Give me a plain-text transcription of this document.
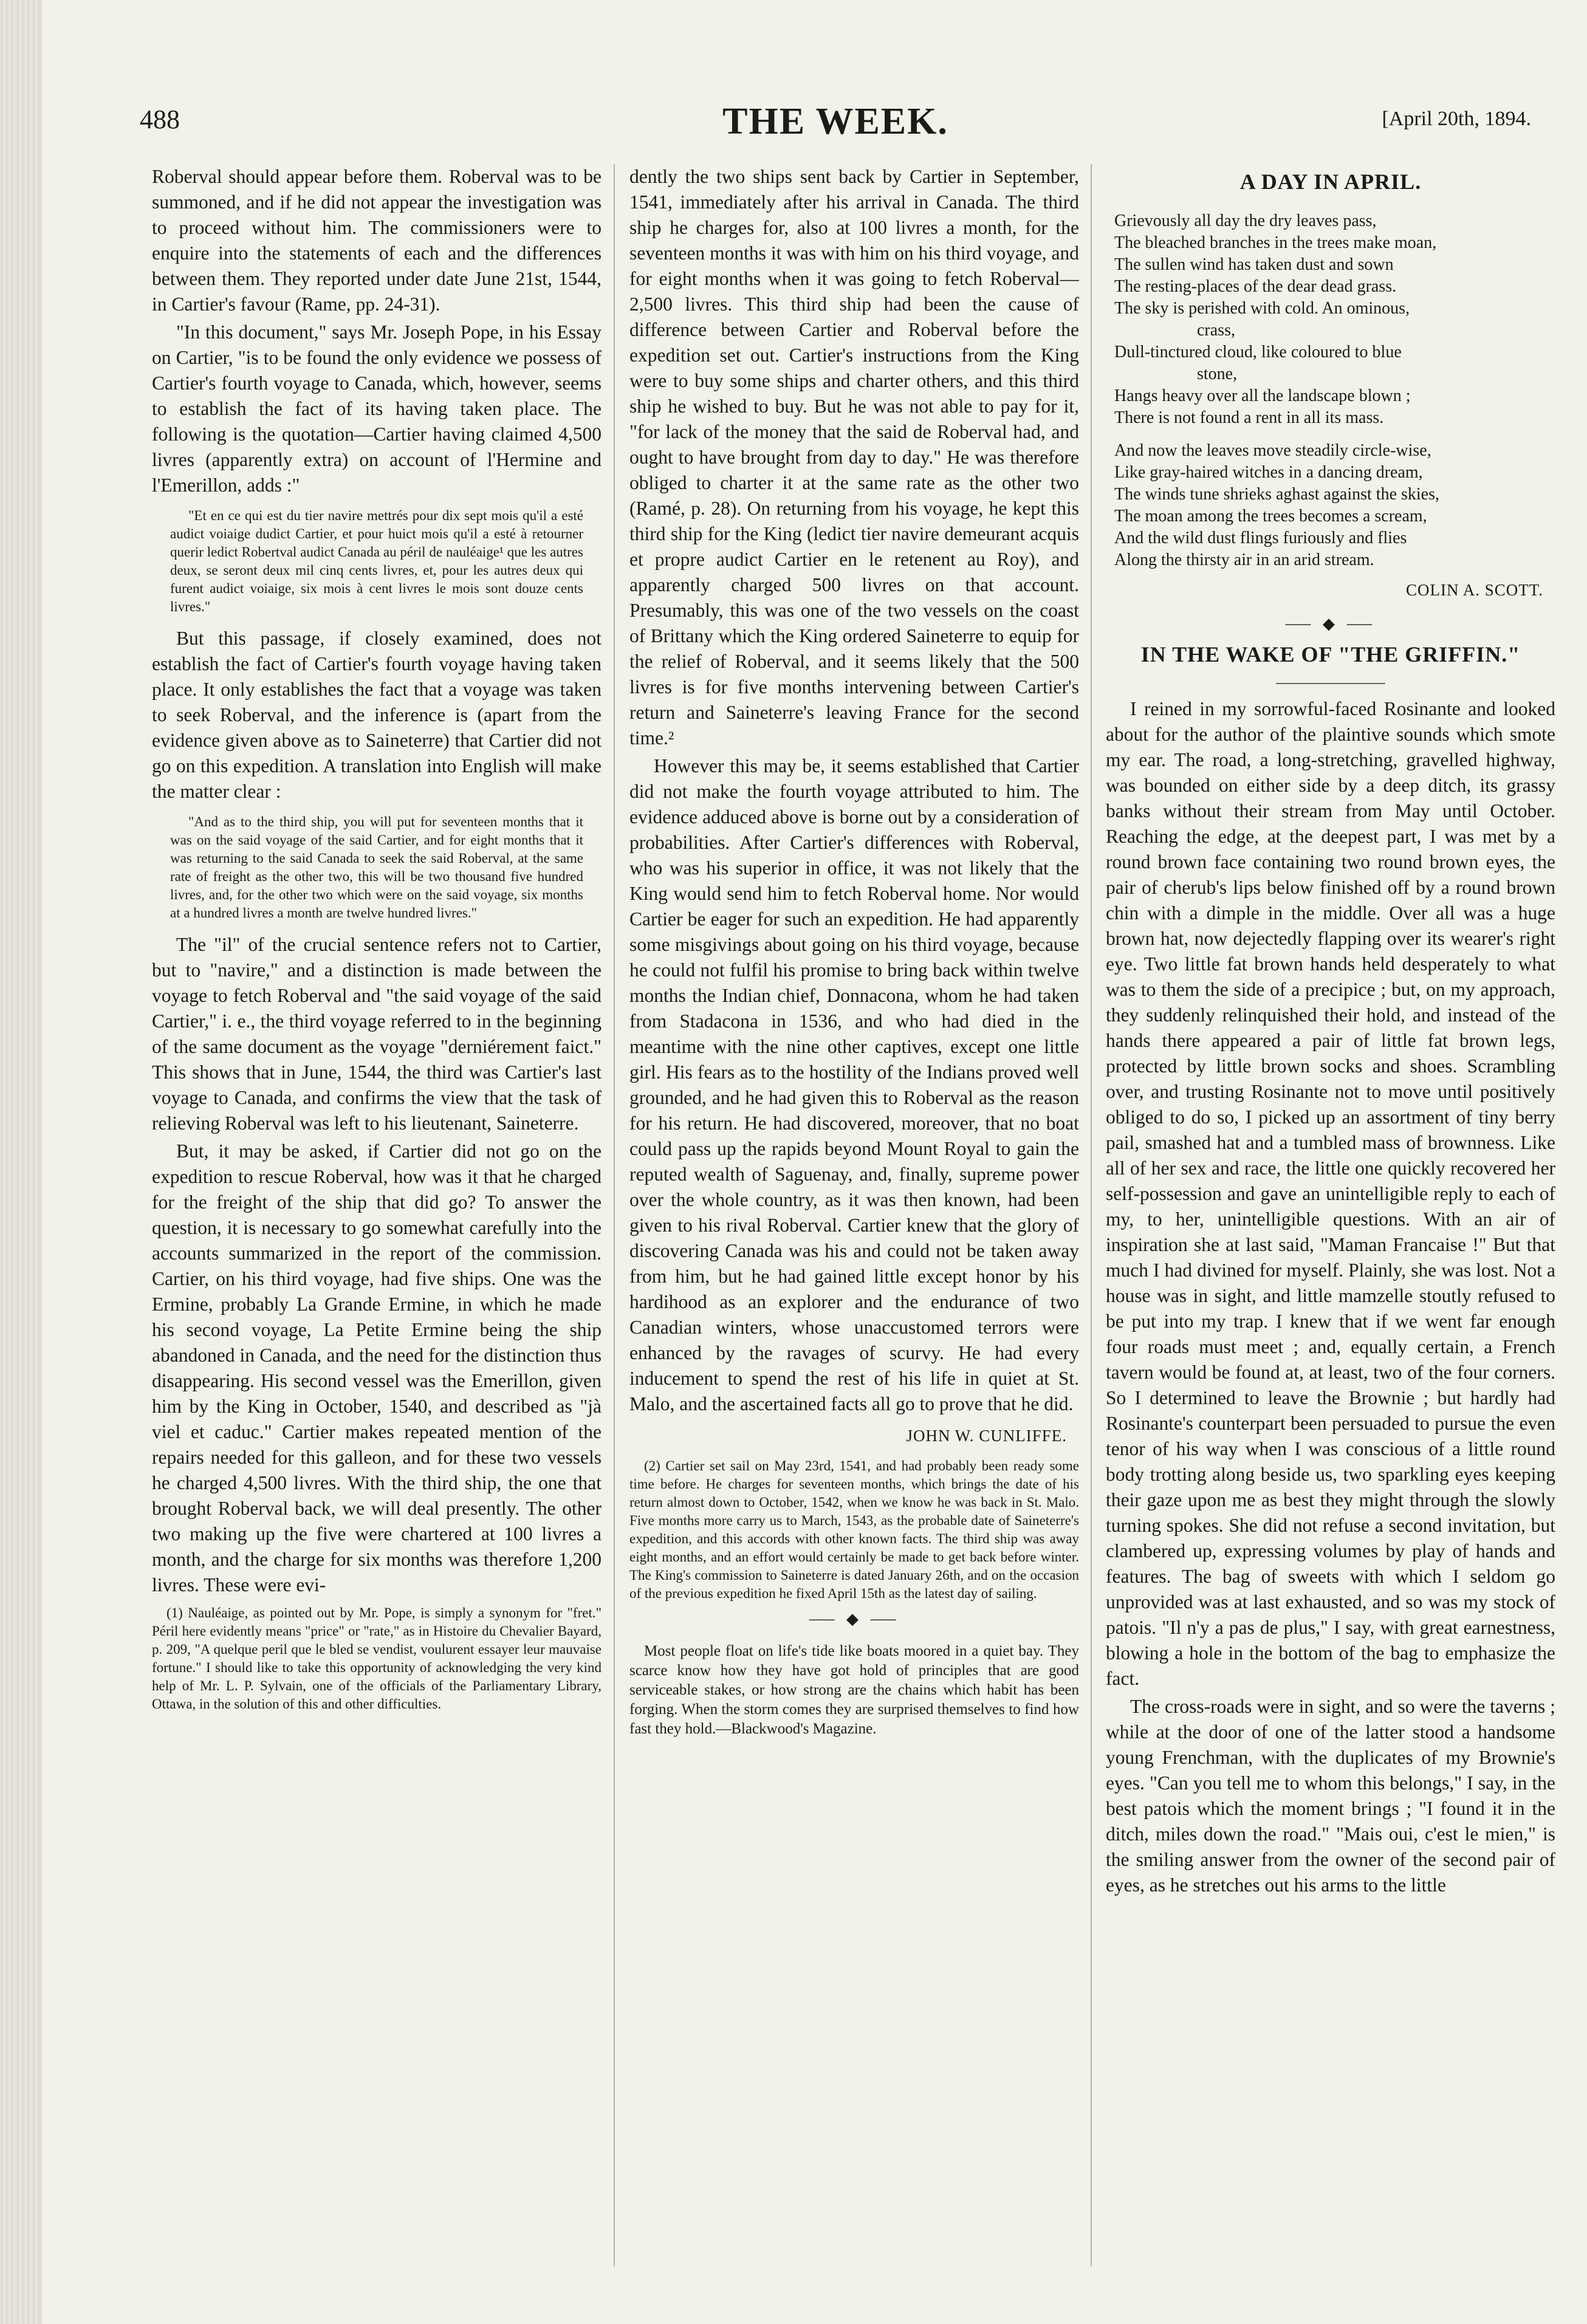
488	THE WEEK.	[April 20th, 1894.

Roberval should appear before them. Roberval was to be summoned, and if he did not appear the investigation was to proceed without him. The commissioners were to enquire into the statements of each and the differences between them. They reported under date June 21st, 1544, in Cartier's favour (Rame, pp. 24-31).

"In this document," says Mr. Joseph Pope, in his Essay on Cartier, "is to be found the only evidence we possess of Cartier's fourth voyage to Canada, which, however, seems to establish the fact of its having taken place. The following is the quotation—Cartier having claimed 4,500 livres (apparently extra) on account of l'Hermine and l'Emerillon, adds :"

"Et en ce qui est du tier navire mettrés pour dix sept mois qu'il a esté audict voiaige dudict Cartier, et pour huict mois qu'il a esté à retourner querir ledict Robertval audict Canada au péril de nauléaige¹ que les autres deux, se seront deux mil cinq cents livres, et, pour les autres deux qui furent audict voiaige, six mois à cent livres le mois sont douze cents livres."

But this passage, if closely examined, does not establish the fact of Cartier's fourth voyage having taken place. It only establishes the fact that a voyage was taken to seek Roberval, and the inference is (apart from the evidence given above as to Saineterre) that Cartier did not go on this expedition. A translation into English will make the matter clear :

"And as to the third ship, you will put for seventeen months that it was on the said voyage of the said Cartier, and for eight months that it was returning to the said Canada to seek the said Roberval, at the same rate of freight as the other two, this will be two thousand five hundred livres, and, for the other two which were on the said voyage, six months at a hundred livres a month are twelve hundred livres."

The "il" of the crucial sentence refers not to Cartier, but to "navire," and a distinction is made between the voyage to fetch Roberval and "the said voyage of the said Cartier," i. e., the third voyage referred to in the beginning of the same document as the voyage "derniérement faict." This shows that in June, 1544, the third was Cartier's last voyage to Canada, and confirms the view that the task of relieving Roberval was left to his lieutenant, Saineterre.

But, it may be asked, if Cartier did not go on the expedition to rescue Roberval, how was it that he charged for the freight of the ship that did go? To answer the question, it is necessary to go somewhat carefully into the accounts summarized in the report of the commission. Cartier, on his third voyage, had five ships. One was the Ermine, probably La Grande Ermine, in which he made his second voyage, La Petite Ermine being the ship abandoned in Canada, and the need for the distinction thus disappearing. His second vessel was the Emerillon, given him by the King in October, 1540, and described as "jà viel et caduc." Cartier makes repeated mention of the repairs needed for this galleon, and for these two vessels he charged 4,500 livres. With the third ship, the one that brought Roberval back, we will deal presently. The other two making up the five were chartered at 100 livres a month, and the charge for six months was therefore 1,200 livres. These were evi-

(1) Nauléaige, as pointed out by Mr. Pope, is simply a synonym for "fret." Péril here evidently means "price" or "rate," as in Histoire du Chevalier Bayard, p. 209, "A quelque peril que le bled se vendist, voulurent essayer leur mauvaise fortune." I should like to take this opportunity of acknowledging the very kind help of Mr. L. P. Sylvain, one of the officials of the Parliamentary Library, Ottawa, in the solution of this and other difficulties.

dently the two ships sent back by Cartier in September, 1541, immediately after his arrival in Canada. The third ship he charges for, also at 100 livres a month, for the seventeen months it was with him on his third voyage, and for eight months when it was going to fetch Roberval—2,500 livres. This third ship had been the cause of difference between Cartier and Roberval before the expedition set out. Cartier's instructions from the King were to buy some ships and charter others, and this third ship he wished to buy. But he was not able to pay for it, "for lack of the money that the said de Roberval had, and ought to have brought from day to day." He was therefore obliged to charter it at the same rate as the other two (Ramé, p. 28). On returning from his voyage, he kept this third ship for the King (ledict tier navire demeurant acquis et propre audict Cartier en le retenent au Roy), and apparently charged 500 livres on that account. Presumably, this was one of the two vessels on the coast of Brittany which the King ordered Saineterre to equip for the relief of Roberval, and it seems likely that the 500 livres is for five months intervening between Cartier's return and Saineterre's leaving France for the second time.²

However this may be, it seems established that Cartier did not make the fourth voyage attributed to him. The evidence adduced above is borne out by a consideration of probabilities. After Cartier's differences with Roberval, who was his superior in office, it was not likely that the King would send him to fetch Roberval home. Nor would Cartier be eager for such an expedition. He had apparently some misgivings about going on his third voyage, because he could not fulfil his promise to bring back within twelve months the Indian chief, Donnacona, whom he had taken from Stadacona in 1536, and who had died in the meantime with the nine other captives, except one little girl. His fears as to the hostility of the Indians proved well grounded, and he had given this to Roberval as the reason for his return. He had discovered, moreover, that no boat could pass up the rapids beyond Mount Royal to gain the reputed wealth of Saguenay, and, finally, supreme power over the whole country, as it was then known, had been given to his rival Roberval. Cartier knew that the glory of discovering Canada was his and could not be taken away from him, but he had gained little except honor by his hardihood as an explorer and the endurance of two Canadian winters, whose unaccustomed terrors were enhanced by the ravages of scurvy. He had every inducement to spend the rest of his life in quiet at St. Malo, and the ascertained facts all go to prove that he did.

JOHN W. CUNLIFFE.

(2) Cartier set sail on May 23rd, 1541, and had probably been ready some time before. He charges for seventeen months, which brings the date of his return almost down to October, 1542, when we know he was back in St. Malo. Five months more carry us to March, 1543, as the probable date of Saineterre's expedition, and this accords with other known facts. The third ship was away eight months, and an effort would certainly be made to get back before winter. The King's commission to Saineterre is dated January 26th, and on the occasion of the previous expedition he fixed April 15th as the latest day of sailing.

⸺ ◆ ⸺

Most people float on life's tide like boats moored in a quiet bay. They scarce know how they have got hold of principles that are good serviceable stakes, or how strong are the chains which habit has been forging. When the storm comes they are surprised themselves to find how fast they hold.—Blackwood's Magazine.

A DAY IN APRIL.

Grievously all day the dry leaves pass,

The bleached branches in the trees make moan,

The sullen wind has taken dust and sown

The resting-places of the dear dead grass.

The sky is perished with cold. An ominous,

crass,

Dull-tinctured cloud, like coloured to blue

stone,

Hangs heavy over all the landscape blown ;

There is not found a rent in all its mass.

And now the leaves move steadily circle-wise,

Like gray-haired witches in a dancing dream,

The winds tune shrieks aghast against the skies,

The moan among the trees becomes a scream,

And the wild dust flings furiously and flies

Along the thirsty air in an arid stream.

COLIN A. SCOTT.
⸺ ◆ ⸺
IN THE WAKE OF "THE GRIFFIN."

I reined in my sorrowful-faced Rosinante and looked about for the author of the plaintive sounds which smote my ear. The road, a long-stretching, gravelled highway, was bounded on either side by a deep ditch, its grassy banks without their stream from May until October. Reaching the edge, at the deepest part, I was met by a round brown face containing two round brown eyes, the pair of cherub's lips below finished off by a round brown chin with a dimple in the middle. Over all was a huge brown hat, now dejectedly flapping over its wearer's right eye. Two little fat brown hands held desperately to what was to them the side of a precipice ; but, on my approach, they suddenly relinquished their hold, and instead of the hands there appeared a pair of little fat brown legs, protected by little brown socks and shoes. Scrambling over, and trusting Rosinante not to move until positively obliged to do so, I picked up an assortment of tiny berry pail, smashed hat and a tumbled mass of brownness. Like all of her sex and race, the little one quickly recovered her self-possession and gave an unintelligible reply to each of my, to her, unintelligible questions. With an air of inspiration she at last said, "Maman Francaise !" But that much I had divined for myself. Plainly, she was lost. Not a house was in sight, and little mamzelle stoutly refused to be put into my trap. I knew that if we went far enough four roads must meet ; and, equally certain, a French tavern would be found at, at least, two of the four corners. So I determined to leave the Brownie ; but hardly had Rosinante's counterpart been persuaded to pursue the even tenor of his way when I was conscious of a little round body trotting along beside us, two sparkling eyes keeping their gaze upon me as best they might through the slowly turning spokes. She did not refuse a second invitation, but clambered up, expressing volumes by play of hands and features. The bag of sweets with which I seldom go unprovided was at last exhausted, and so was my stock of patois. "Il n'y a pas de plus," I say, with great earnestness, blowing a hole in the bottom of the bag to emphasize the fact.

The cross-roads were in sight, and so were the taverns ; while at the door of one of the latter stood a handsome young Frenchman, with the duplicates of my Brownie's eyes. "Can you tell me to whom this belongs," I say, in the best patois which the moment brings ; "I found it in the ditch, miles down the road." "Mais oui, c'est le mien," is the smiling answer from the owner of the second pair of eyes, as he stretches out his arms to the little
